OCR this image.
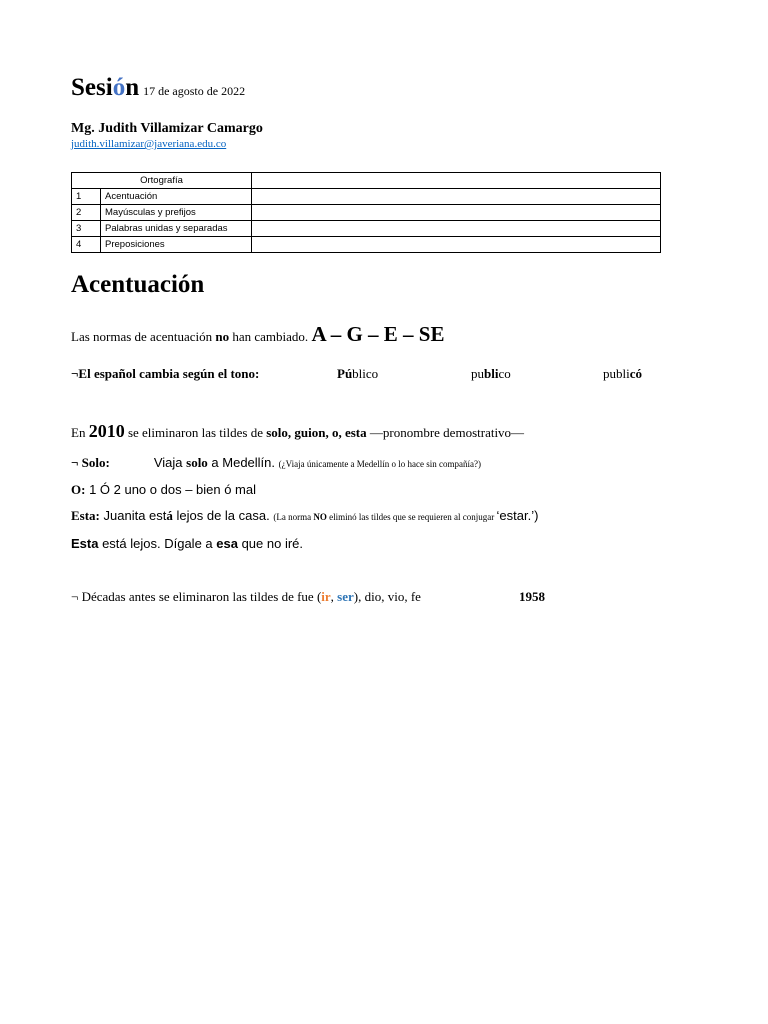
Sesión 17 de agosto de 2022
Mg. Judith Villamizar Camargo
judith.villamizar@javeriana.edu.co
Ortografía		
1	Acentuación	
2	Mayúsculas y prefijos	
3	Palabras unidas y separadas	
4	Preposiciones	
Acentuación
Las normas de acentuación no han cambiado. A – G – E – SE
¬El español cambia según el tono:	Público	publico	publicó
En 2010 se eliminaron las tildes de solo, guion, o, esta —pronombre demostrativo—
¬ Solo:	Viaja solo a Medellín. (¿Viaja únicamente a Medellín o lo hace sin compañía?)
O: 1 Ó 2 uno o dos – bien ó mal
Esta: Juanita está lejos de la casa. (La norma NO eliminó las tildes que se requieren al conjugar ‘estar.’)
Esta está lejos. Dígale a esa que no iré.
¬ Décadas antes se eliminaron las tildes de fue (ir, ser), dio, vio, fe	1958
